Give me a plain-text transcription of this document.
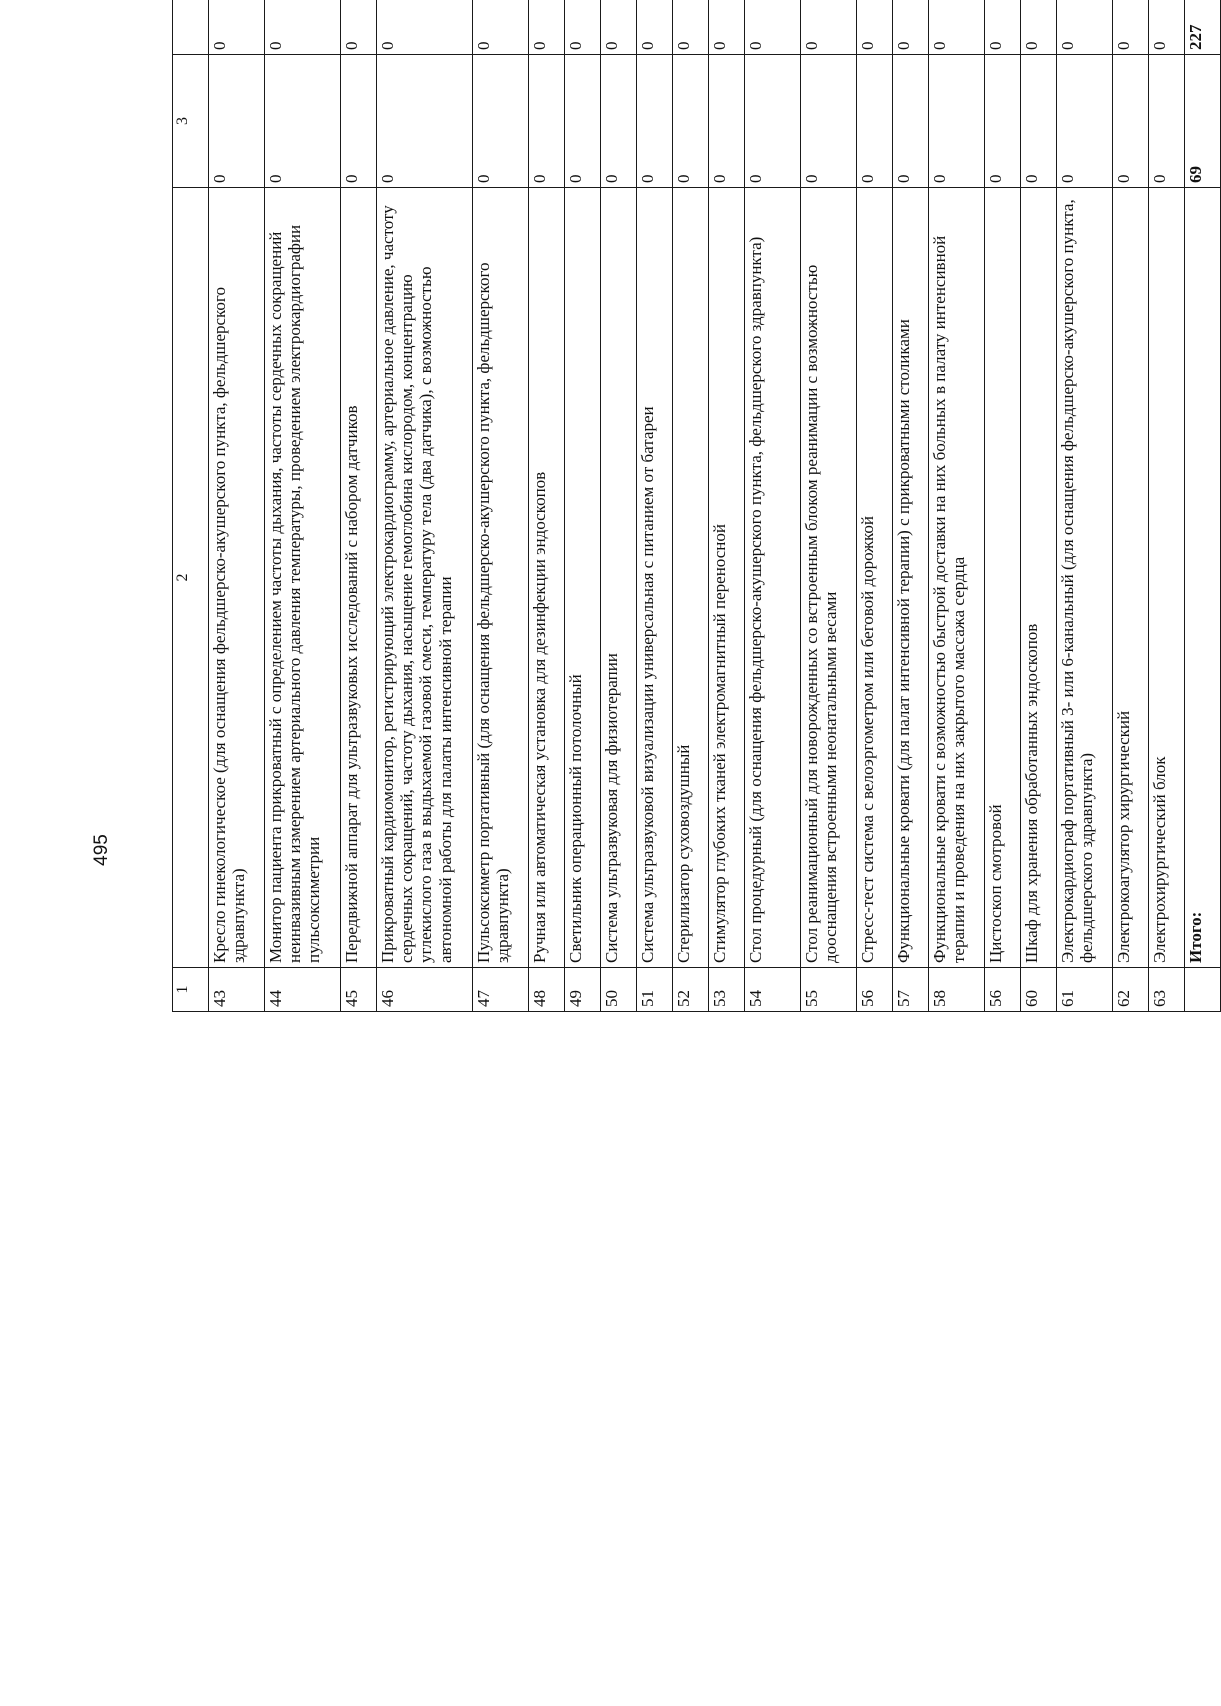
495
1	2	3					
43	Кресло гинекологическое (для оснащения фельдшерско-акушерского пункта, фельдшерского здравпункта)	0	0				
44	Монитор пациента прикроватный с определением частоты дыхания, частоты сердечных сокращений неинвазивным измерением артериального давления температуры, проведением электрокардиографии пульсоксиметрии	0	0				
45	Передвижной аппарат для ультразвуковых исследований с набором датчиков	0	0				
46	Прикроватный кардиомонитор, регистрирующий электрокардиограмму, артериальное давление, частоту сердечных сокращений, частоту дыхания, насыщение гемоглобина кислородом, концентрацию углекислого газа в выдыхаемой газовой смеси, температуру тела (два датчика), с возможностью автономной работы для палаты интенсивной терапии	0	0				
47	Пульсоксиметр портативный (для оснащения фельдшерско-акушерского пункта, фельдшерского здравпункта)	0	0				
48	Ручная или автоматическая установка для дезинфекции эндоскопов	0	0				
49	Светильник операционный потолочный	0	0				
50	Система ультразвуковая для физиотерапии	0	0				
51	Система ультразвуковой визуализации универсальная с питанием от батареи	0	0				
52	Стерилизатор суховоздушный	0	0				
53	Стимулятор глубоких тканей электромагнитный переносной	0	0				
54	Стол процедурный (для оснащения фельдшерско-акушерского пункта, фельдшерского здравпункта)	0	0				
55	Стол реанимационный для новорожденных со встроенным блоком реанимации с возможностью дооснащения встроенными неонатальными весами	0	0				
56	Стресс-тест система с велоэргометром или беговой дорожкой	0	0				
57	Функциональные кровати (для палат интенсивной терапии) с прикроватными столиками	0	0				
58	Функциональные кровати с возможностью быстрой доставки на них больных в палату интенсивной терапии и проведения на них закрытого массажа сердца	0	0				
56	Цистоскоп смотровой	0	0				
60	Шкаф для хранения обработанных эндоскопов	0	0				
61	Электрокардиограф портативный 3- или 6-канальный (для оснащения фельдшерско-акушерского пункта, фельдшерского здравпункта)	0	0				
62	Электрокоагулятор хирургический	0	0				
63	Электрохирургический блок	0	0				
	Итого:	69	227				
